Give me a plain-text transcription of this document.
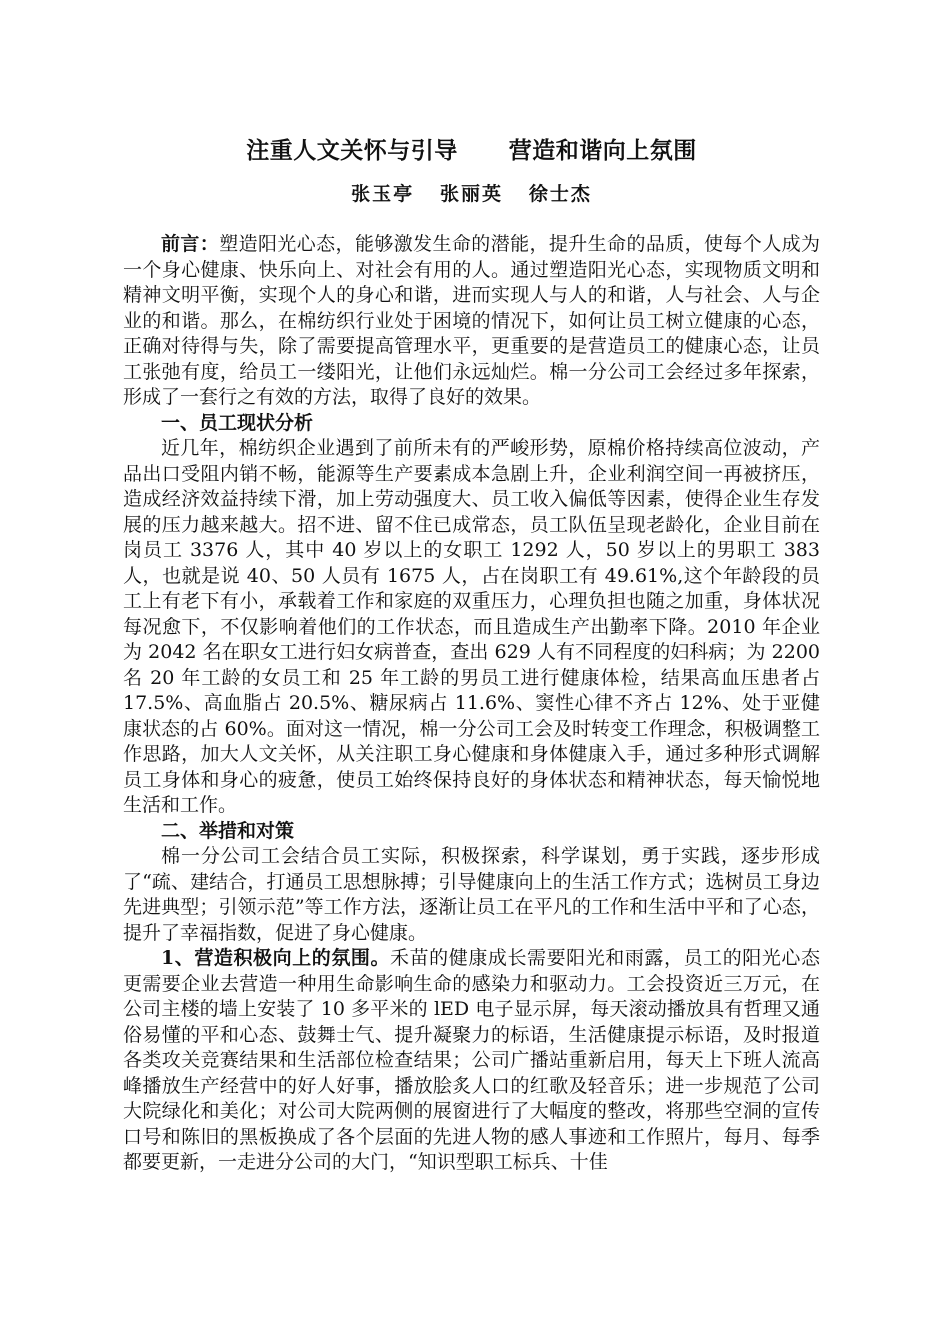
注重人文关怀与引导      营造和谐向上氛围
张玉亭   张丽英   徐士杰

前言：塑造阳光心态，能够激发生命的潜能，提升生命的品质，使每个人成为一个身心健康、快乐向上、对社会有用的人。通过塑造阳光心态，实现物质文明和精神文明平衡，实现个人的身心和谐，进而实现人与人的和谐，人与社会、人与企业的和谐。那么，在棉纺织行业处于困境的情况下，如何让员工树立健康的心态，正确对待得与失，除了需要提高管理水平，更重要的是营造员工的健康心态，让员工张弛有度，给员工一缕阳光，让他们永远灿烂。棉一分公司工会经过多年探索，形成了一套行之有效的方法，取得了良好的效果。

一、员工现状分析

近几年，棉纺织企业遇到了前所未有的严峻形势，原棉价格持续高位波动，产品出口受阻内销不畅，能源等生产要素成本急剧上升，企业利润空间一再被挤压，造成经济效益持续下滑，加上劳动强度大、员工收入偏低等因素，使得企业生存发展的压力越来越大。招不进、留不住已成常态，员工队伍呈现老龄化，企业目前在岗员工 3376 人，其中 40 岁以上的女职工 1292 人，50 岁以上的男职工 383 人，也就是说 40、50 人员有 1675 人，占在岗职工有 49.61%,这个年龄段的员工上有老下有小，承载着工作和家庭的双重压力，心理负担也随之加重，身体状况每况愈下，不仅影响着他们的工作状态，而且造成生产出勤率下降。2010 年企业为 2042 名在职女工进行妇女病普查，查出 629 人有不同程度的妇科病；为 2200 名 20 年工龄的女员工和 25 年工龄的男员工进行健康体检，结果高血压患者占 17.5%、高血脂占 20.5%、糖尿病占 11.6%、窦性心律不齐占 12%、处于亚健康状态的占 60%。面对这一情况，棉一分公司工会及时转变工作理念，积极调整工作思路，加大人文关怀，从关注职工身心健康和身体健康入手，通过多种形式调解员工身体和身心的疲惫，使员工始终保持良好的身体状态和精神状态，每天愉悦地生活和工作。

二、举措和对策

棉一分公司工会结合员工实际，积极探索，科学谋划，勇于实践，逐步形成了“疏、建结合，打通员工思想脉搏；引导健康向上的生活工作方式；选树员工身边先进典型；引领示范”等工作方法，逐渐让员工在平凡的工作和生活中平和了心态，提升了幸福指数，促进了身心健康。

1、营造积极向上的氛围。禾苗的健康成长需要阳光和雨露，员工的阳光心态更需要企业去营造一种用生命影响生命的感染力和驱动力。工会投资近三万元，在公司主楼的墙上安装了 10 多平米的 lED 电子显示屏，每天滚动播放具有哲理又通俗易懂的平和心态、鼓舞士气、提升凝聚力的标语，生活健康提示标语，及时报道各类攻关竞赛结果和生活部位检查结果；公司广播站重新启用，每天上下班人流高峰播放生产经营中的好人好事，播放脍炙人口的红歌及轻音乐；进一步规范了公司大院绿化和美化；对公司大院两侧的展窗进行了大幅度的整改，将那些空洞的宣传口号和陈旧的黑板换成了各个层面的先进人物的感人事迹和工作照片，每月、每季都要更新，一走进分公司的大门，“知识型职工标兵、十佳
